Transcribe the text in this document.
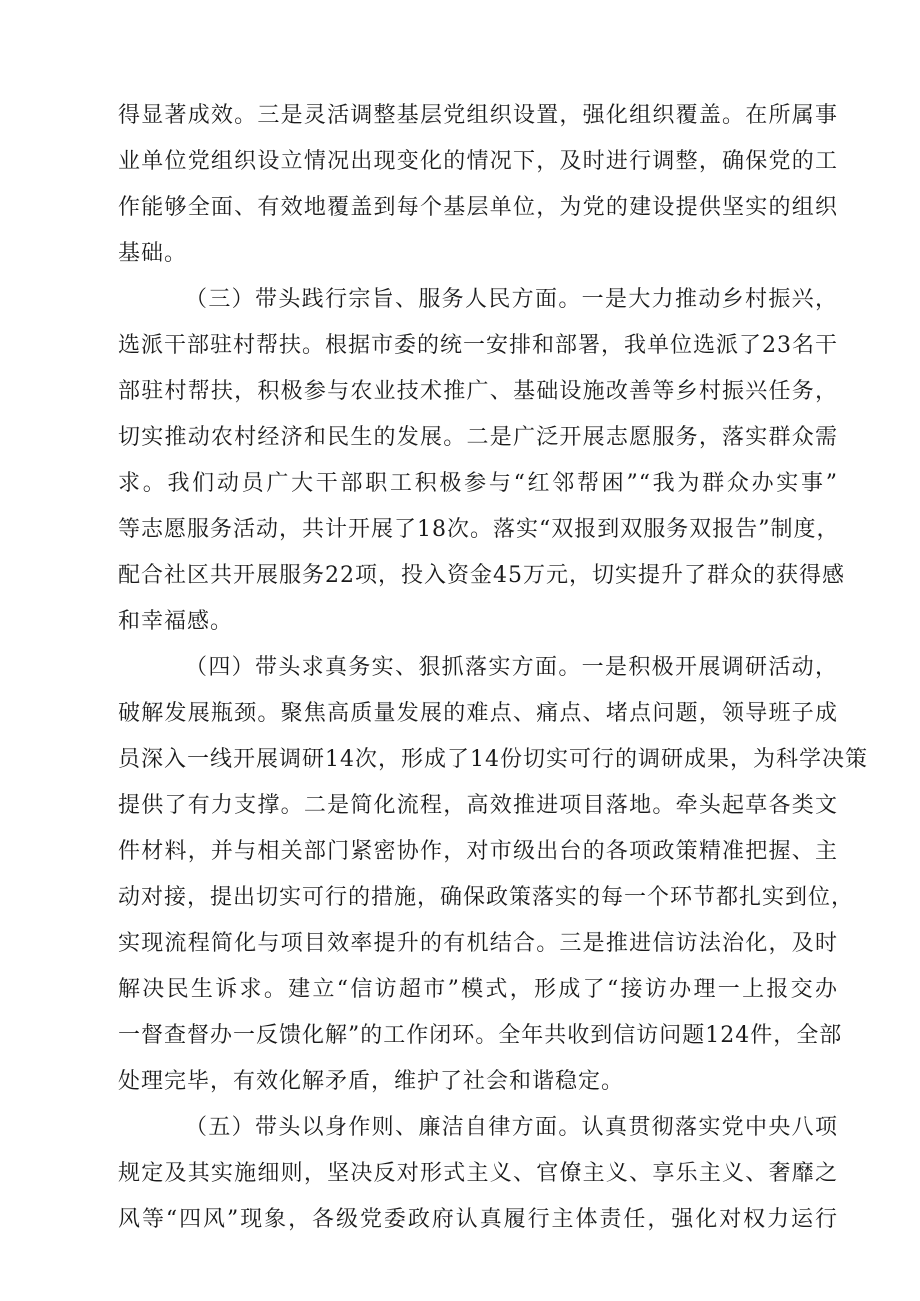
得显著成效。三是灵活调整基层党组织设置，强化组织覆盖。在所属事
业单位党组织设立情况出现变化的情况下，及时进行调整，确保党的工
作能够全面、有效地覆盖到每个基层单位，为党的建设提供坚实的组织
基础。
（三）带头践行宗旨、服务人民方面。一是大力推动乡村振兴，
选派干部驻村帮扶。根据市委的统一安排和部署，我单位选派了23名干
部驻村帮扶，积极参与农业技术推广、基础设施改善等乡村振兴任务，
切实推动农村经济和民生的发展。二是广泛开展志愿服务，落实群众需
求。我们动员广大干部职工积极参与“红邻帮困”“我为群众办实事”
等志愿服务活动，共计开展了18次。落实“双报到双服务双报告”制度，
配合社区共开展服务22项，投入资金45万元，切实提升了群众的获得感
和幸福感。
（四）带头求真务实、狠抓落实方面。一是积极开展调研活动，
破解发展瓶颈。聚焦高质量发展的难点、痛点、堵点问题，领导班子成
员深入一线开展调研14次，形成了14份切实可行的调研成果，为科学决策
提供了有力支撑。二是简化流程，高效推进项目落地。牵头起草各类文
件材料，并与相关部门紧密协作，对市级出台的各项政策精准把握、主
动对接，提出切实可行的措施，确保政策落实的每一个环节都扎实到位，
实现流程简化与项目效率提升的有机结合。三是推进信访法治化，及时
解决民生诉求。建立“信访超市”模式，形成了“接访办理一上报交办
一督查督办一反馈化解”的工作闭环。全年共收到信访问题124件，全部
处理完毕，有效化解矛盾，维护了社会和谐稳定。
（五）带头以身作则、廉洁自律方面。认真贯彻落实党中央八项
规定及其实施细则，坚决反对形式主义、官僚主义、享乐主义、奢靡之
风等“四风”现象，各级党委政府认真履行主体责任，强化对权力运行
